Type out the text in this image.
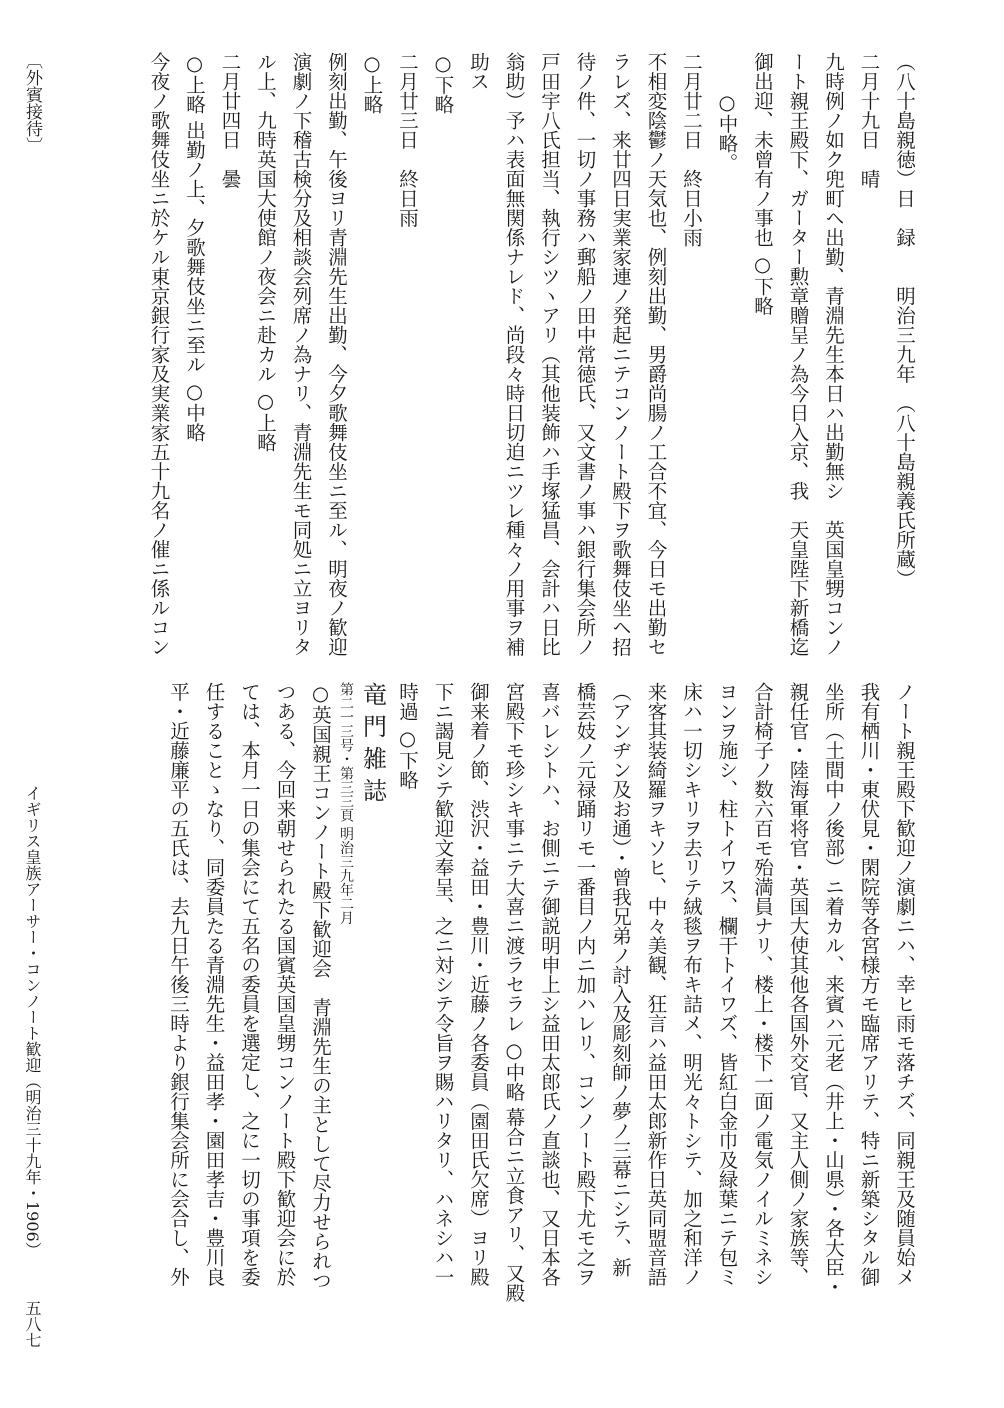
（八十島親徳）日　録　　明治三九年　（八十島親義氏所蔵）
二月十九日　晴
九時例ノ如ク兜町ヘ出勤、青淵先生本日ハ出勤無シ　英国皇甥コンノ
ート親王殿下、ガーター勲章贈呈ノ為今日入京、我　天皇陛下新橋迄
御出迎、未曾有ノ事也 ○下略
　　○中略。
二月廿二日　終日小雨
不相変陰鬱ノ天気也、例刻出勤、男爵尚腸ノ工合不宜、今日モ出勤セ
ラレズ、来廿四日実業家連ノ発起ニテコンノート殿下ヲ歌舞伎坐ヘ招
待ノ件、一切ノ事務ハ郵船ノ田中常徳氏、又文書ノ事ハ銀行集会所ノ
戸田宇八氏担当、執行シツヽアリ（其他装飾ハ手塚猛昌、会計ハ日比
翁助）予ハ表面無関係ナレド、尚段々時日切迫ニツレ種々ノ用事ヲ補
助ス
○下略
二月廿三日　終日雨
○上略
例刻出勤、午後ヨリ青淵先生出勤、今夕歌舞伎坐ニ至ル、明夜ノ歓迎
演劇ノ下稽古検分及相談会列席ノ為ナリ、青淵先生モ同処ニ立ヨリタ
ル上、九時英国大使館ノ夜会ニ赴カル ○上略
二月廿四日　曇
○上略 出勤ノ上、夕歌舞伎坐ニ至ル ○中略
今夜ノ歌舞伎坐ニ於ケル東京銀行家及実業家五十九名ノ催ニ係ルコン
ノート親王殿下歓迎ノ演劇ニハ、幸ヒ雨モ落チズ、同親王及随員始メ
我有栖川・東伏見・閑院等各宮様方モ臨席アリテ、特ニ新築シタル御
坐所（土間中ノ後部）ニ着カル、来賓ハ元老（井上・山県）・各大臣・
親任官・陸海軍将官・英国大使其他各国外交官、又主人側ノ家族等、
合計椅子ノ数六百モ殆満員ナリ、楼上・楼下一面ノ電気ノイルミネシ
ヨンヲ施シ、柱トイワス、欄干トイワズ、皆紅白金巾及緑葉ニテ包ミ
床ハ一切シキリヲ去リテ絨毯ヲ布キ詰メ、明光々トシテ、加之和洋ノ
来客其装綺羅ヲキソヒ、中々美観、狂言ハ益田太郎新作日英同盟音語
（アンヂン及お通）・曾我兄弟ノ討入及彫刻師ノ夢ノ三幕ニシテ、新
橋芸妓ノ元禄踊リモ一番目ノ内ニ加ハレリ、コンノート殿下尤モ之ヲ
喜バレシトハ、お側ニテ御説明申上シ益田太郎氏ノ直談也、又日本各
宮殿下モ珍シキ事ニテ大喜ニ渡ラセラレ ○中略 幕合ニ立食アリ、又殿
御来着ノ節、渋沢・益田・豊川・近藤ノ各委員（園田氏欠席）ヨリ殿
下ニ謁見シテ歓迎文奉呈、之ニ対シテ令旨ヲ賜ハリタリ、ハネシハ一
時過 ○下略
竜門雑誌
第二一三号・第三三頁 明治三九年二月
○英国親王コンノート殿下歓迎会　青淵先生の主として尽力せられつ
つある、今回来朝せられたる国賓英国皇甥コンノート殿下歓迎会に於
ては、本月一日の集会にて五名の委員を選定し、之に一切の事項を委
任することゝなり、同委員たる青淵先生・益田孝・園田孝吉・豊川良
平・近藤廉平の五氏は、去九日午後三時より銀行集会所に会合し、外
〔外賓接待〕
イギリス皇族アーサー・コンノート歓迎（明治三十九年・1906）
五八七
